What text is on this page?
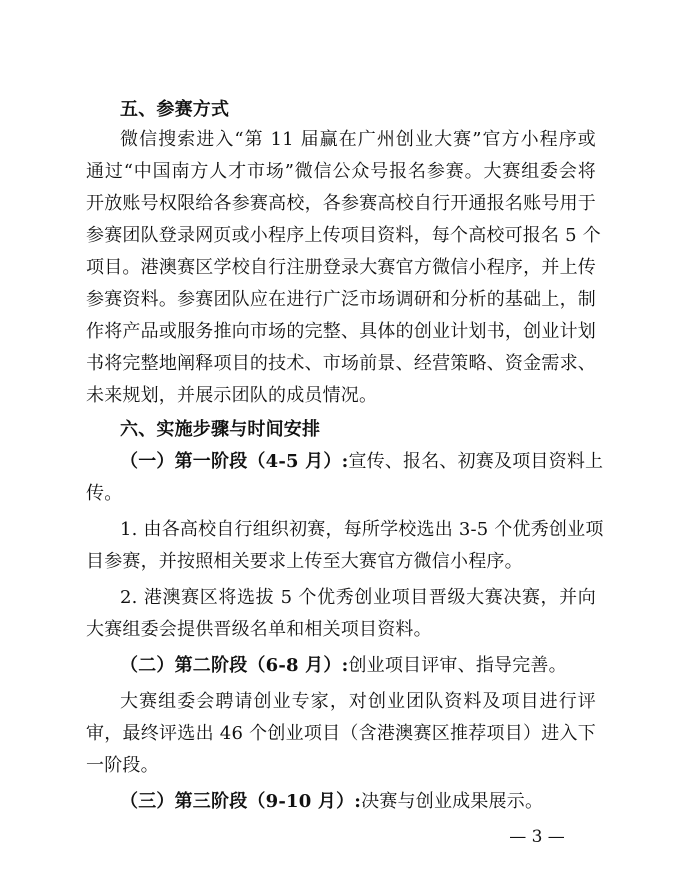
五、参赛方式
微信搜索进入“第 11 届赢在广州创业大赛”官方小程序或
通过“中国南方人才市场”微信公众号报名参赛。大赛组委会将
开放账号权限给各参赛高校，各参赛高校自行开通报名账号用于
参赛团队登录网页或小程序上传项目资料，每个高校可报名 5 个
项目。港澳赛区学校自行注册登录大赛官方微信小程序，并上传
参赛资料。参赛团队应在进行广泛市场调研和分析的基础上，制
作将产品或服务推向市场的完整、具体的创业计划书，创业计划
书将完整地阐释项目的技术、市场前景、经营策略、资金需求、
未来规划，并展示团队的成员情况。
六、实施步骤与时间安排
（一）第一阶段（4-5 月）:宣传、报名、初赛及项目资料上
传。
1. 由各高校自行组织初赛，每所学校选出 3-5 个优秀创业项
目参赛，并按照相关要求上传至大赛官方微信小程序。
2. 港澳赛区将选拔 5 个优秀创业项目晋级大赛决赛，并向
大赛组委会提供晋级名单和相关项目资料。
（二）第二阶段（6-8 月）:创业项目评审、指导完善。
大赛组委会聘请创业专家，对创业团队资料及项目进行评
审，最终评选出 46 个创业项目（含港澳赛区推荐项目）进入下
一阶段。
（三）第三阶段（9-10 月）:决赛与创业成果展示。
— 3 —
